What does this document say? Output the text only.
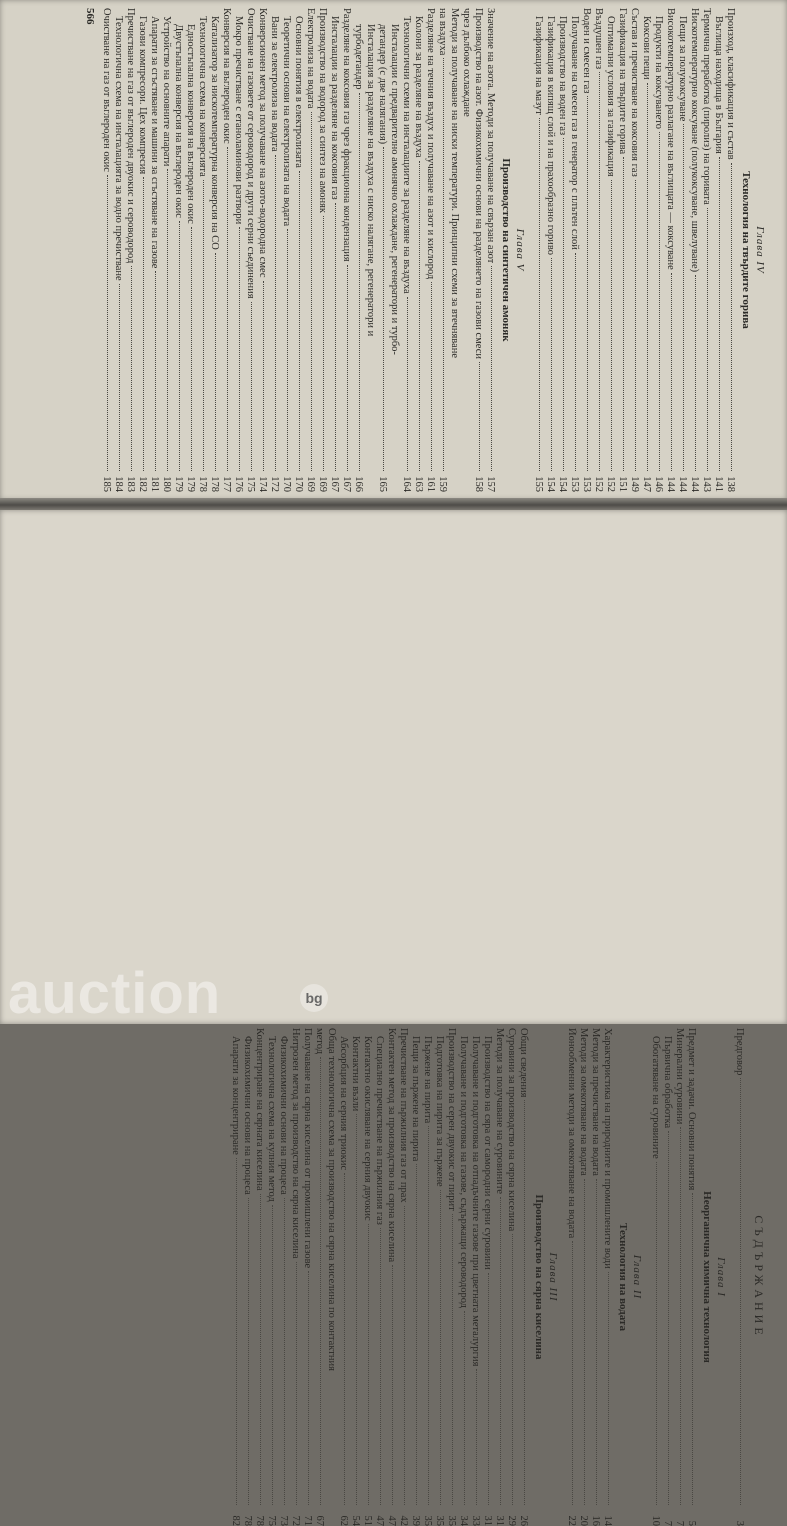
Глава IV
Технология на твърдите горива
Произход, класификация и състав
138
Въглища находища в България
141
Термична преработка (пиролиз) на горивата
143
Нискотемпературно коксуване (полукоксуване, швелуване)
144
Пещи за полукоксуване
144
Високотемпературно разлагане на въглищата — коксуване
144
Продукти на коксуването
146
Коксови пещи
147
Състав и пречистване на коксовия газ
149
Газификация на твърдите горива
151
Оптимални условия за газификация
152
Въздушен газ
152
Воден и смесен газ
153
Получаване на смесен газ в генератор с плътен слой
153
Производство на воден газ
154
Газификация в кипящ слой и на прахообразно гориво
154
Газификация на мазут
155
Глава V
Производство на синтетичен амоняк
Значение на азота. Методи за получаване на свързан азот
157
Производство на азот. Физикохимични основи на разделянето на газови смеси
158
чрез дълбоко охлаждане
Методи за получаване на ниски температури. Принципни схеми за втечняване
на въздуха
159
Разделяне на течния въздух и получаване на азот и кислород
161
Колони за разделяне на въздуха
163
Технологични схеми на инсталациите за разделяне на въздуха
164
Инсталации с предварително амонячно охлаждане, регенератори и турбо-
детандер (с две налягания)
165
Инсталация за разделяне на въздуха с ниско налягане, регенератори и
турбодетандер
166
Разделяне на коксовия газ чрез фракционна кондензация
167
Инсталации за разделяне на коксовия газ
167
Производство на водород за синтез на амоняк
169
Електролиза на водата
169
Основни понятия в електролизата
170
Теоретични основи на електролизата на водата
170
Вани за електролиза на водата
172
Конверсионен метод за получаване на азото-водородна смес
174
Очистване на газовете от сероводород и други серни съединения
175
Мокро пречистване с етаноламинови разтвори
176
Конверсия на въглероден окис
177
Катализатор за нискотемпературна конверсия на CO
178
Технологична схема на конверсията
178
Едностъпална конверсия на въглероден окис
179
Двустъпална конверсия на въглероден окис
179
Устройство на основните апарати
180
Апарати за сгъстяване и машини за сгъстяване на газове
181
Газови компресори. Цех компресия
182
Пречистване на газ от въглероден двуокис и сероводород
183
Технологична схема на инсталацията за водно пречистване
184
Очистване на газ от въглероден окис
185
566
СЪДЪРЖАНИЕ
Предговор
3
Глава I
Неорганична химична технология
Предмет и задачи. Основни понятия
5
Минерални суровини
7
Първична обработка
7
Обогатяване на суровините
10
Глава II
Технология на водата
Характеристика на природните и промишлените води
14
Методи за пречистване на водата
16
Методи за омекотяване на водата
20
Йонообменни методи за омекотяване на водата
22
Глава III
Производство на сярна киселина
Общи сведения
26
Суровини за производство на сярна киселина
29
Методи за получаване на суровините
31
Производство на сяра от самородни серни суровини
31
Получаване и подготовка на отпадъчните газове при цветната металургия
33
Получаване и подготовка на газове, съдържащи сероводород
34
Производство на серен двуокис от пирит
35
Подготовка на пирита за пържене
35
Пържене на пирита
35
Пещи за пържене на пирита
39
Пречистване на пържилния газ от прах
42
Контактен метод за производство на сярна киселина
47
Специално пречистване на пържилния газ
47
Контактно окисляване на серния двуокис
51
Контактни възли
54
Абсорбция на серния триокис
62
Обща технологична схема за производство на сярна киселина по контактния
метод
67
Получаване на сярна киселина от промишлени газове
71
Нитрозен метод за производство на сярна киселина
72
Физикохимични основи на процеса
73
Технологична схема на кулния метод
75
Концентриране на сярната киселина
78
Физикохимични основи на процеса
78
Апарати за концентриране
82
auction	bg
